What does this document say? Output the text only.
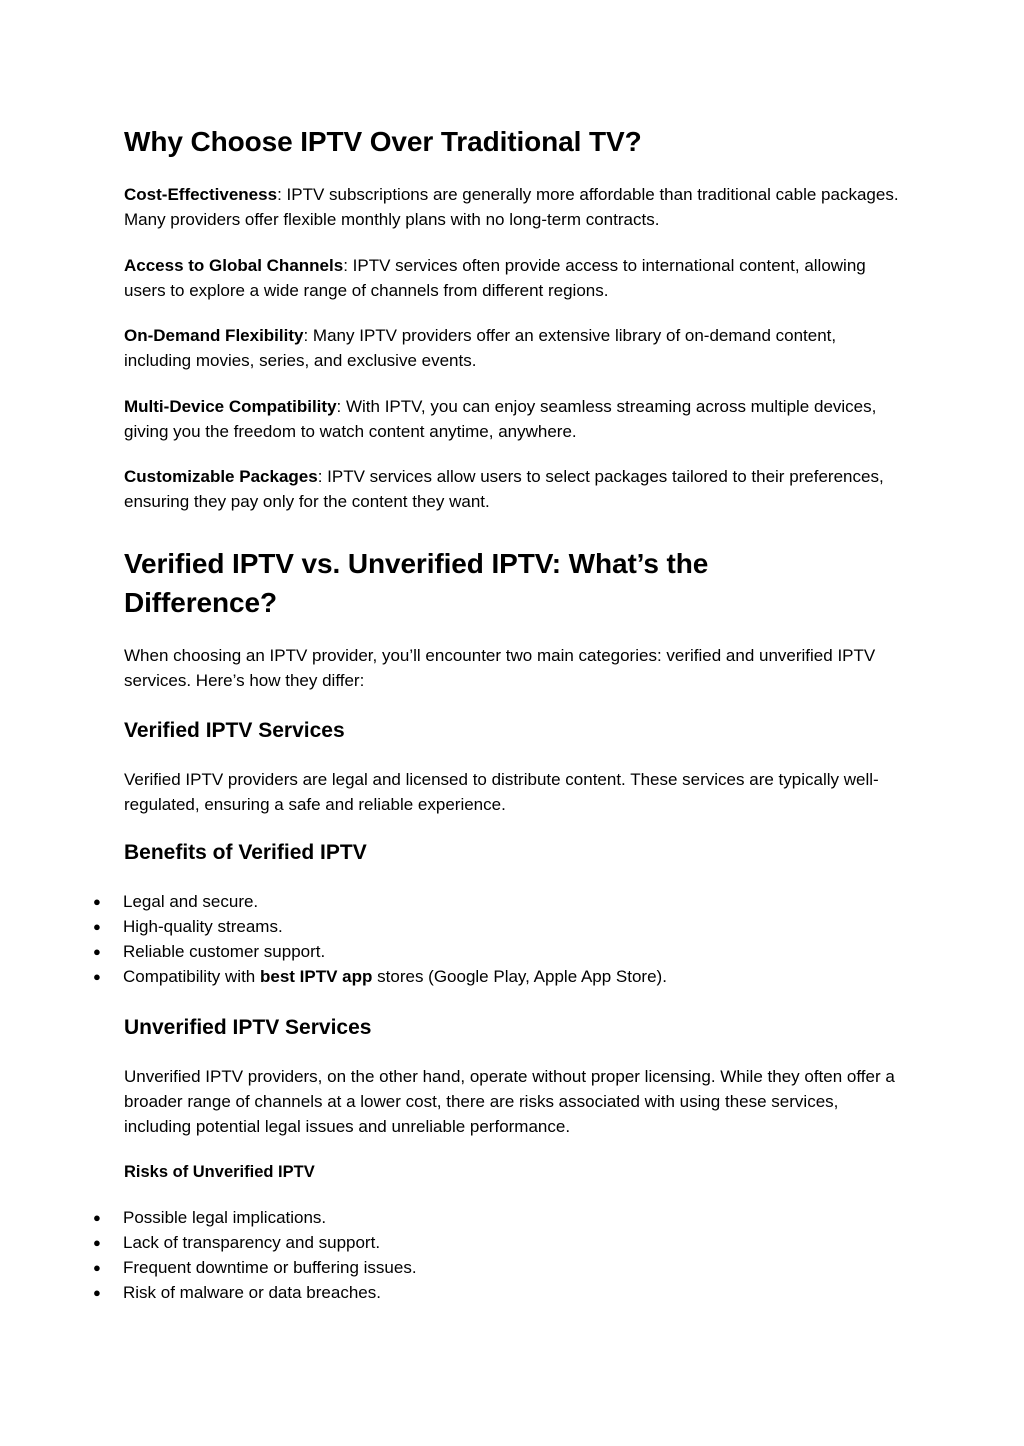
Why Choose IPTV Over Traditional TV?

Cost-Effectiveness: IPTV subscriptions are generally more affordable than traditional cable packages. Many providers offer flexible monthly plans with no long-term contracts.

Access to Global Channels: IPTV services often provide access to international content, allowing users to explore a wide range of channels from different regions.

On-Demand Flexibility: Many IPTV providers offer an extensive library of on-demand content, including movies, series, and exclusive events.

Multi-Device Compatibility: With IPTV, you can enjoy seamless streaming across multiple devices, giving you the freedom to watch content anytime, anywhere.

Customizable Packages: IPTV services allow users to select packages tailored to their preferences, ensuring they pay only for the content they want.

Verified IPTV vs. Unverified IPTV: What’s the Difference?

When choosing an IPTV provider, you’ll encounter two main categories: verified and unverified IPTV services. Here’s how they differ:

Verified IPTV Services

Verified IPTV providers are legal and licensed to distribute content. These services are typically well-regulated, ensuring a safe and reliable experience.

Benefits of Verified IPTV
● Legal and secure.
● High-quality streams.
● Reliable customer support.
● Compatibility with best IPTV app stores (Google Play, Apple App Store).
Unverified IPTV Services

Unverified IPTV providers, on the other hand, operate without proper licensing. While they often offer a broader range of channels at a lower cost, there are risks associated with using these services, including potential legal issues and unreliable performance.

Risks of Unverified IPTV
● Possible legal implications.
● Lack of transparency and support.
● Frequent downtime or buffering issues.
● Risk of malware or data breaches.
